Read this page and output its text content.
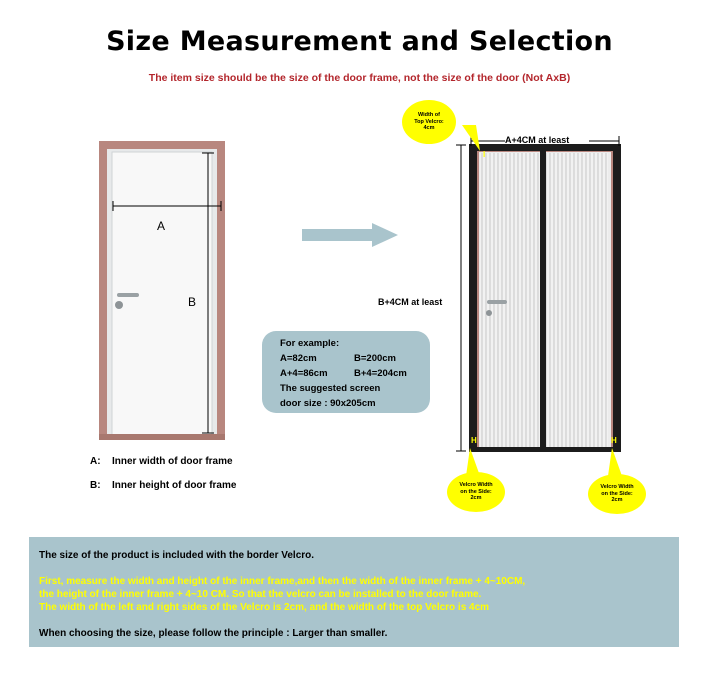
Size Measurement and Selection
The item size should be the size of the door frame, not the size of the door (Not AxB)
A
B
A: Inner width of door frame
B: Inner height of door frame
For example:
A=82cm	B=200cm
A+4=86cm	B+4=204cm
The suggested screen
door size : 90x205cm
I
H	H
A+4CM at least
B+4CM at least
Width of
Top Velcro:
4cm
Velcro Width
on the Side:
2cm
Velcro Width
on the Side:
2cm
The size of the product is included with the border Velcro.
First, measure the width and height of the inner frame,and then the width of the inner frame + 4~10CM,
the height of the inner frame + 4~10 CM. So that the velcro can be installed to the door frame.
The width of the left and right sides of the Velcro is 2cm, and the width of the top Velcro is 4cm
When choosing the size, please follow the principle : Larger than smaller.
